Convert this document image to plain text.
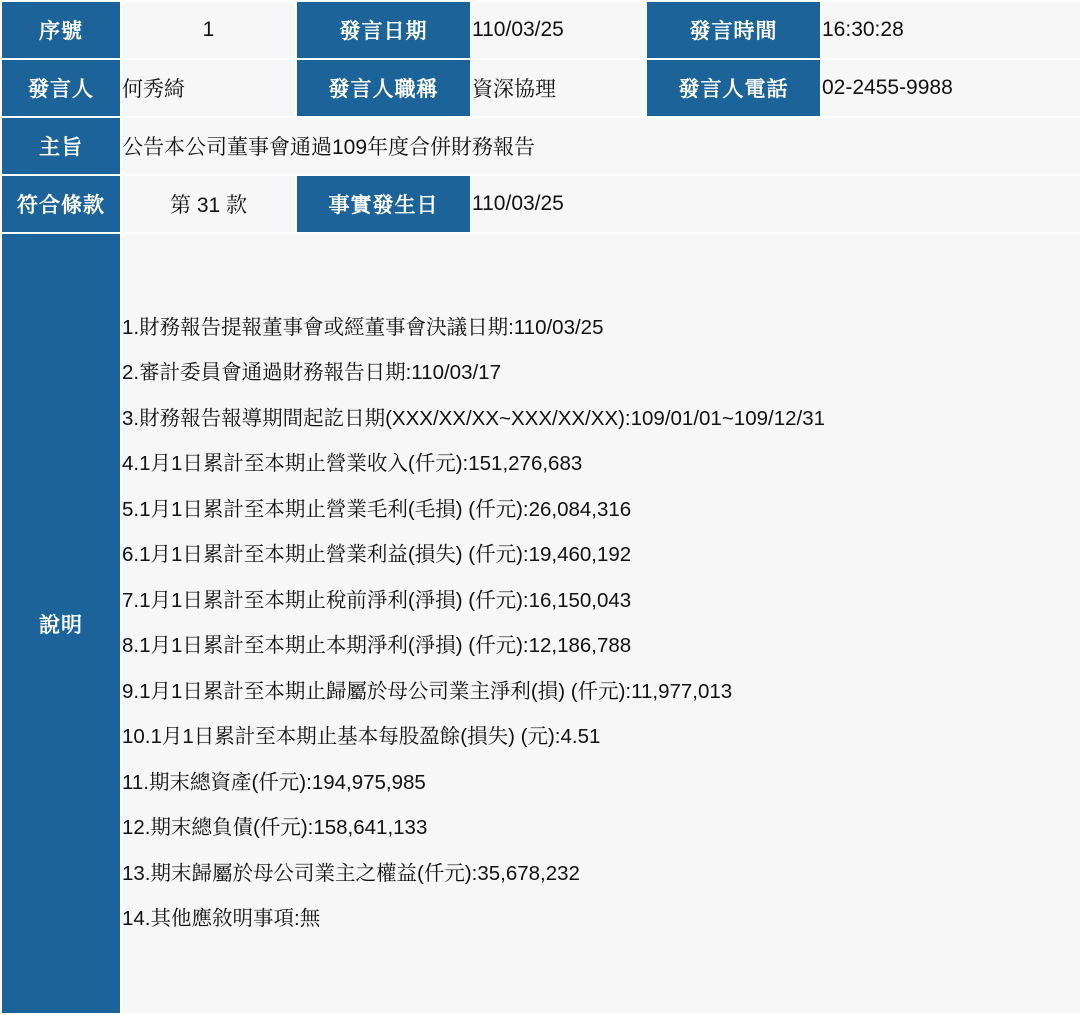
序號	1	發言日期	110/03/25	發言時間	16:30:28
發言人	何秀綺	發言人職稱	資深協理	發言人電話	02-2455-9988
主旨	公告本公司董事會通過109年度合併財務報告				
符合條款	第 31 款	事實發生日	110/03/25		
說明	
1.財務報告提報董事會或經董事會決議日期:110/03/25
2.審計委員會通過財務報告日期:110/03/17
3.財務報告報導期間起訖日期(XXX/XX/XX~XXX/XX/XX):109/01/01~109/12/31
4.1月1日累計至本期止營業收入(仟元):151,276,683
5.1月1日累計至本期止營業毛利(毛損) (仟元):26,084,316
6.1月1日累計至本期止營業利益(損失) (仟元):19,460,192
7.1月1日累計至本期止稅前淨利(淨損) (仟元):16,150,043
8.1月1日累計至本期止本期淨利(淨損) (仟元):12,186,788
9.1月1日累計至本期止歸屬於母公司業主淨利(損) (仟元):11,977,013
10.1月1日累計至本期止基本每股盈餘(損失) (元):4.51
11.期末總資產(仟元):194,975,985
12.期末總負債(仟元):158,641,133
13.期末歸屬於母公司業主之權益(仟元):35,678,232
14.其他應敘明事項:無
